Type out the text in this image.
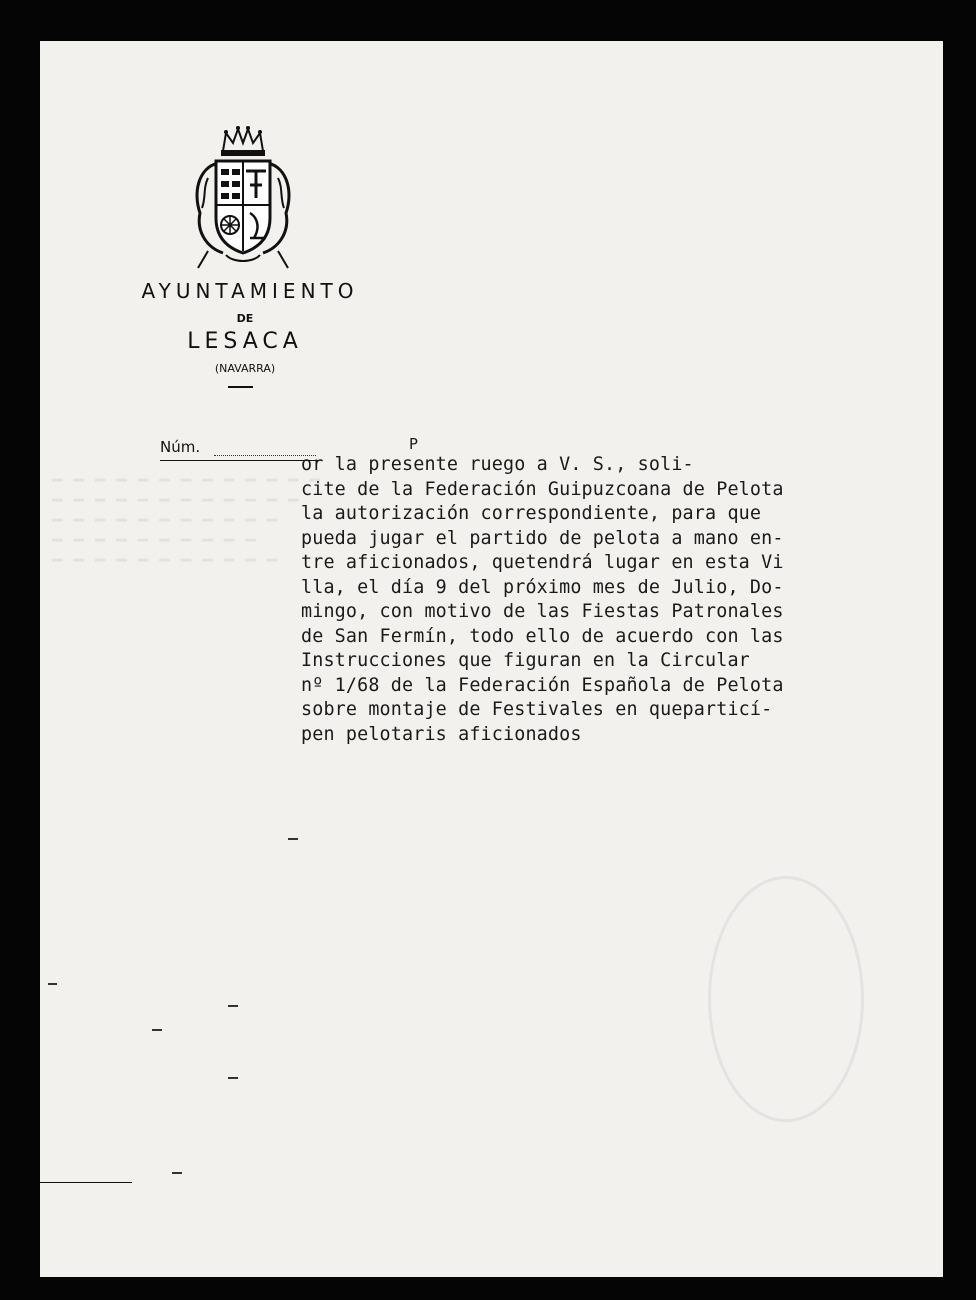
━ ━ ━ ━ ━ ━ ━ ━ ━ ━ ━ ━ ━
━ ━ ━ ━ ━ ━ ━ ━ ━ ━ ━ ━
━ ━ ━ ━ ━ ━ ━ ━ ━ ━ ━
━ ━ ━ ━ ━ ━ ━ ━ ━ ━
━ ━ ━ ━ ━ ━ ━ ━ ━ ━ ━
AYUNTAMIENTO
DE
LESACA
(NAVARRA)
Núm.	P
or la presente ruego a V. S., soli-
cite de la Federación Guipuzcoana de Pelota
la autorización correspondiente, para que
pueda jugar el partido de pelota a mano en-
tre aficionados, quetendrá lugar en esta Vi
lla, el día 9 del próximo mes de Julio, Do-
mingo, con motivo de las Fiestas Patronales
de San Fermín, todo ello de acuerdo con las
Instrucciones que figuran en la Circular
nº 1/68 de la Federación Española de Pelota
sobre montaje de Festivales en queparticí-
pen pelotaris aficionados
